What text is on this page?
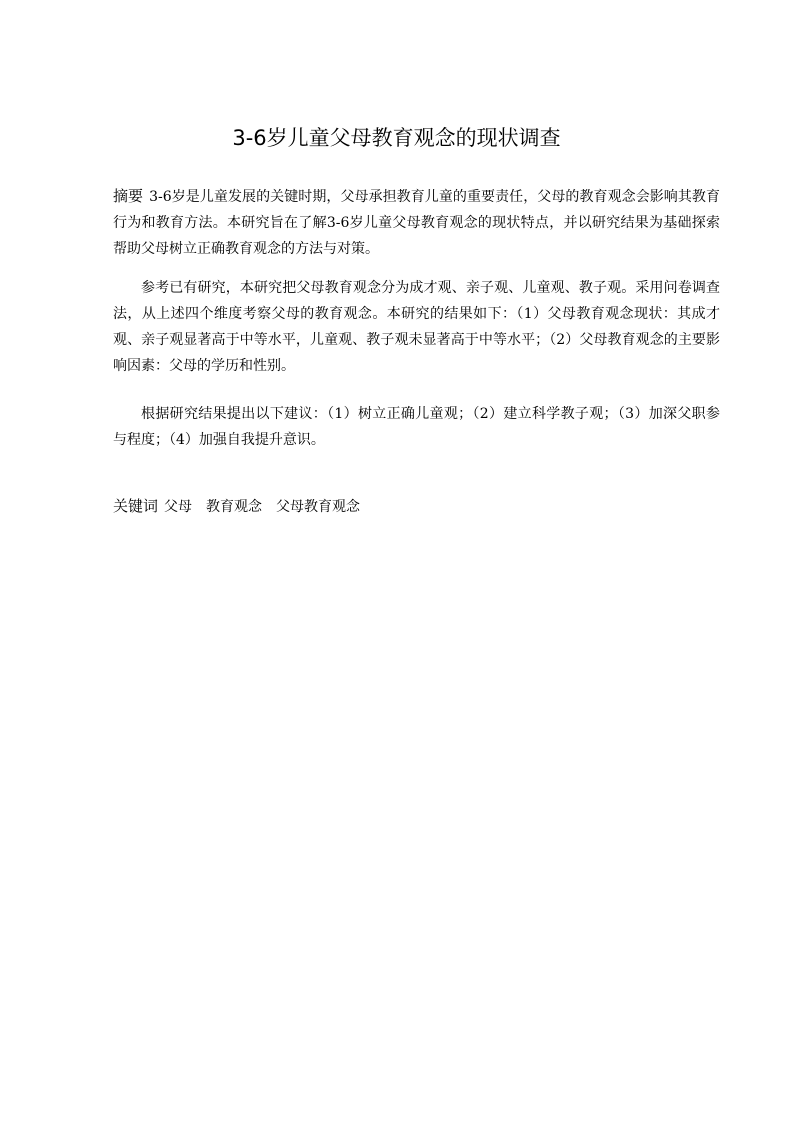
3-6岁儿童父母教育观念的现状调查
摘要 3-6岁是儿童发展的关键时期，父母承担教育儿童的重要责任，父母的教育观念会影响其教育行为和教育方法。本研究旨在了解3-6岁儿童父母教育观念的现状特点，并以研究结果为基础探索帮助父母树立正确教育观念的方法与对策。
参考已有研究，本研究把父母教育观念分为成才观、亲子观、儿童观、教子观。采用问卷调查法，从上述四个维度考察父母的教育观念。本研究的结果如下：（1）父母教育观念现状：其成才观、亲子观显著高于中等水平，儿童观、教子观未显著高于中等水平；（2）父母教育观念的主要影响因素：父母的学历和性别。
根据研究结果提出以下建议：（1）树立正确儿童观；（2）建立科学教子观；（3）加深父职参与程度；（4）加强自我提升意识。
关键词 父母 教育观念 父母教育观念
